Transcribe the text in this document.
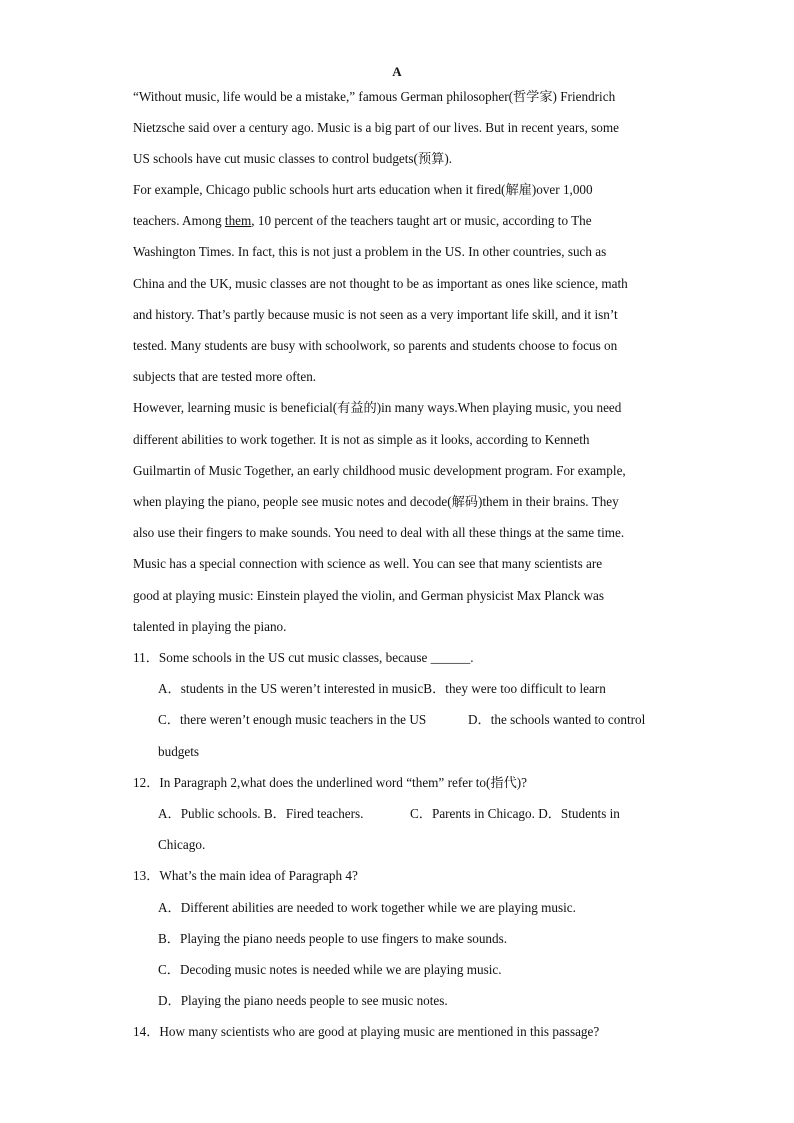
A
“Without music, life would be a mistake,” famous German philosopher(哲学家) Friendrich
Nietzsche said over a century ago. Music is a big part of our lives. But in recent years, some
US schools have cut music classes to control budgets(预算).
For example, Chicago public schools hurt arts education when it fired(解雇)over 1,000
teachers. Among them, 10 percent of the teachers taught art or music, according to The
Washington Times. In fact, this is not just a problem in the US. In other countries, such as
China and the UK, music classes are not thought to be as important as ones like science, math
and history. That’s partly because music is not seen as a very important life skill, and it isn’t
tested. Many students are busy with schoolwork, so parents and students choose to focus on
subjects that are tested more often.
However, learning music is beneficial(有益的)in many ways.When playing music, you need
different abilities to work together. It is not as simple as it looks, according to Kenneth
Guilmartin of Music Together, an early childhood music development program. For example,
when playing the piano, people see music notes and decode(解码)them in their brains. They
also use their fingers to make sounds. You need to deal with all these things at the same time.
Music has a special connection with science as well. You can see that many scientists are
good at playing music: Einstein played the violin, and German physicist Max Planck was
talented in playing the piano.
11．Some schools in the US cut music classes, because ______.
A．students in the US weren’t interested in musicB．they were too difficult to learn
C．there weren’t enough music teachers in the US	D．the schools wanted to control
budgets
12．In Paragraph 2,what does the underlined word “them” refer to(指代)?
A．Public schools. B．Fired teachers.	C．Parents in Chicago. D．Students in
Chicago.
13．What’s the main idea of Paragraph 4?
A．Different abilities are needed to work together while we are playing music.
B．Playing the piano needs people to use fingers to make sounds.
C．Decoding music notes is needed while we are playing music.
D．Playing the piano needs people to see music notes.
14．How many scientists who are good at playing music are mentioned in this passage?
